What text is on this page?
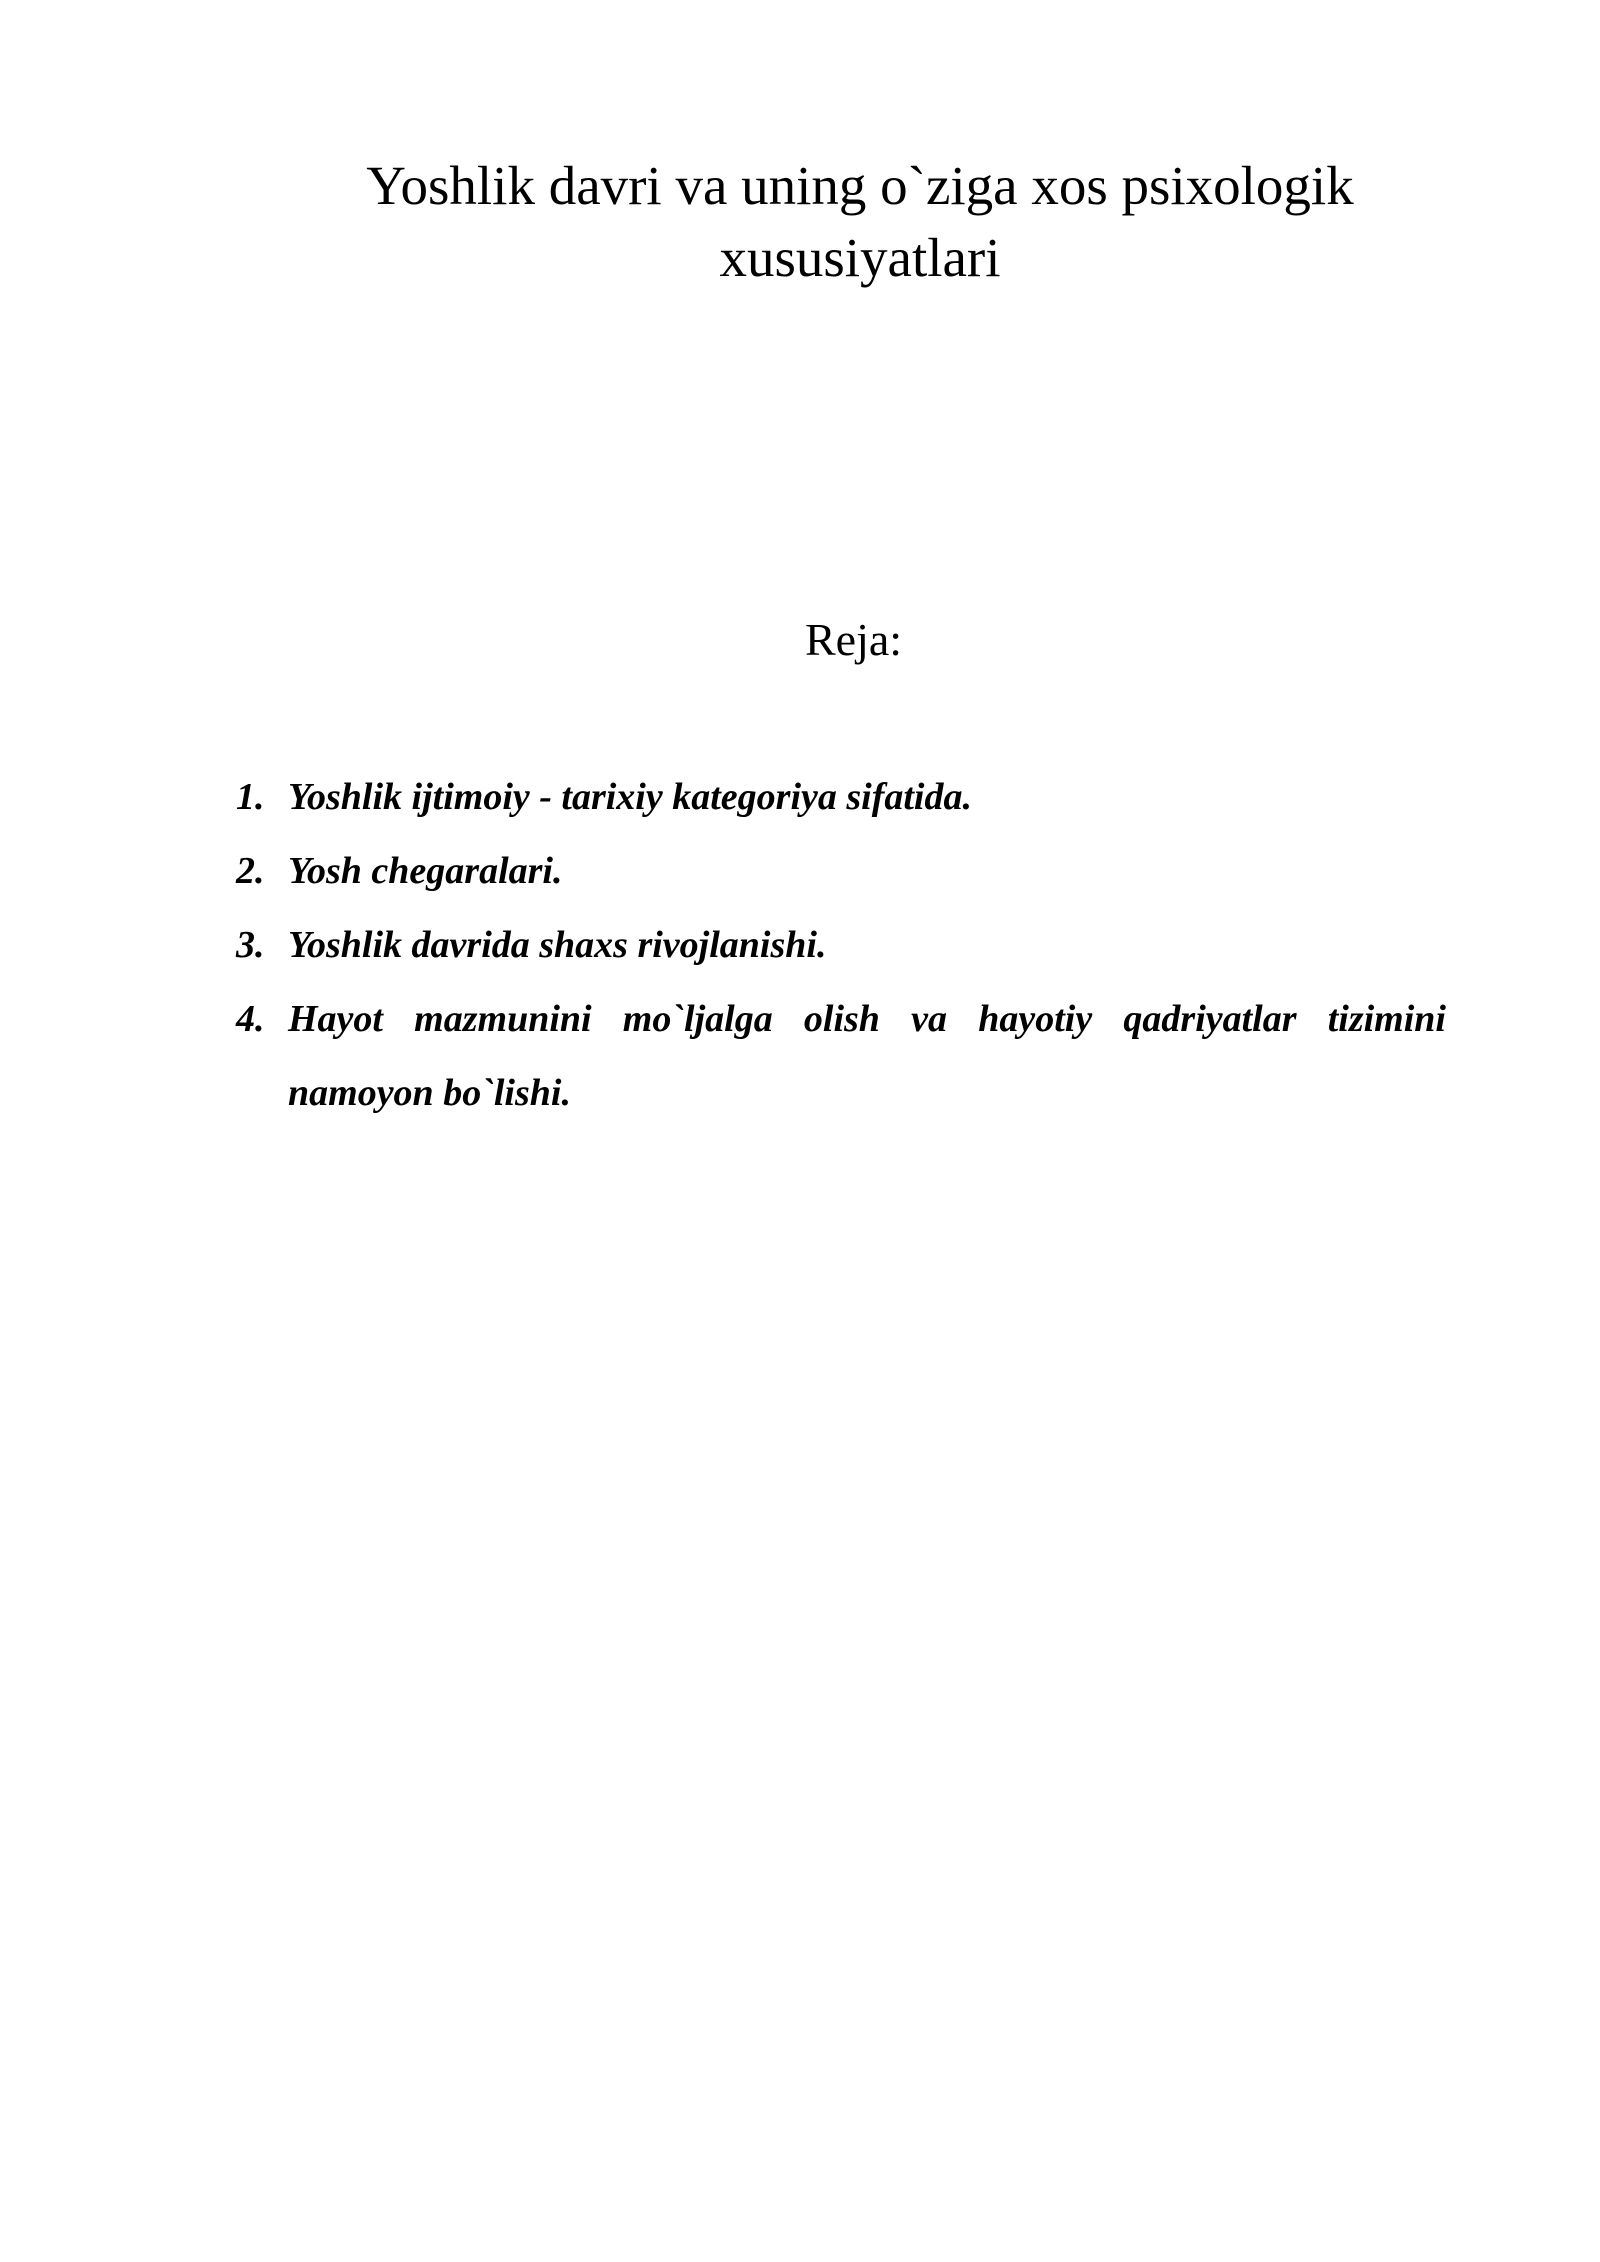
Yoshlik davri va uning o`ziga xos psixologik xususiyatlari

Reja:

1. Yoshlik ijtimoiy - tarixiy kategoriya sifatida.
2. Yosh chegaralari.
3. Yoshlik davrida shaxs rivojlanishi.
4. Hayot mazmunini mo`ljalga olish va hayotiy qadriyatlar tizimini namoyon bo`lishi.
